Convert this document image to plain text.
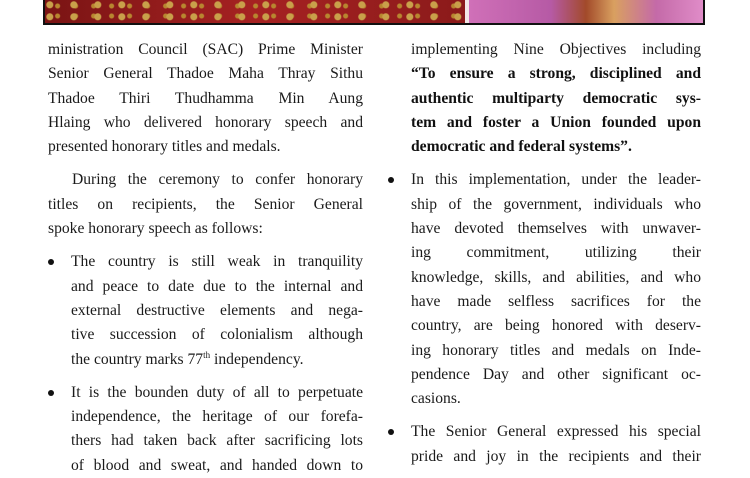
ministration Council (SAC) Prime Minister

Senior General Thadoe Maha Thray Sithu

Thadoe Thiri Thudhamma Min Aung

Hlaing who delivered honorary speech and

presented honorary titles and medals.

During the ceremony to confer honorary

titles on recipients, the Senior General

spoke honorary speech as follows:

The country is still weak in tranquility

and peace to date due to the internal and

external destructive elements and nega-

tive succession of colonialism although

the country marks 77th independency.

It is the bounden duty of all to perpetuate

independence, the heritage of our forefa-

thers had taken back after sacrificing lots

of blood and sweat, and handed down to

implementing Nine Objectives including

“To ensure a strong, disciplined and

authentic multiparty democratic sys-

tem and foster a Union founded upon

democratic and federal systems”.

In this implementation, under the leader-

ship of the government, individuals who

have devoted themselves with unwaver-

ing commitment, utilizing their

knowledge, skills, and abilities, and who

have made selfless sacrifices for the

country, are being honored with deserv-

ing honorary titles and medals on Inde-

pendence Day and other significant oc-

casions.

The Senior General expressed his special

pride and joy in the recipients and their
